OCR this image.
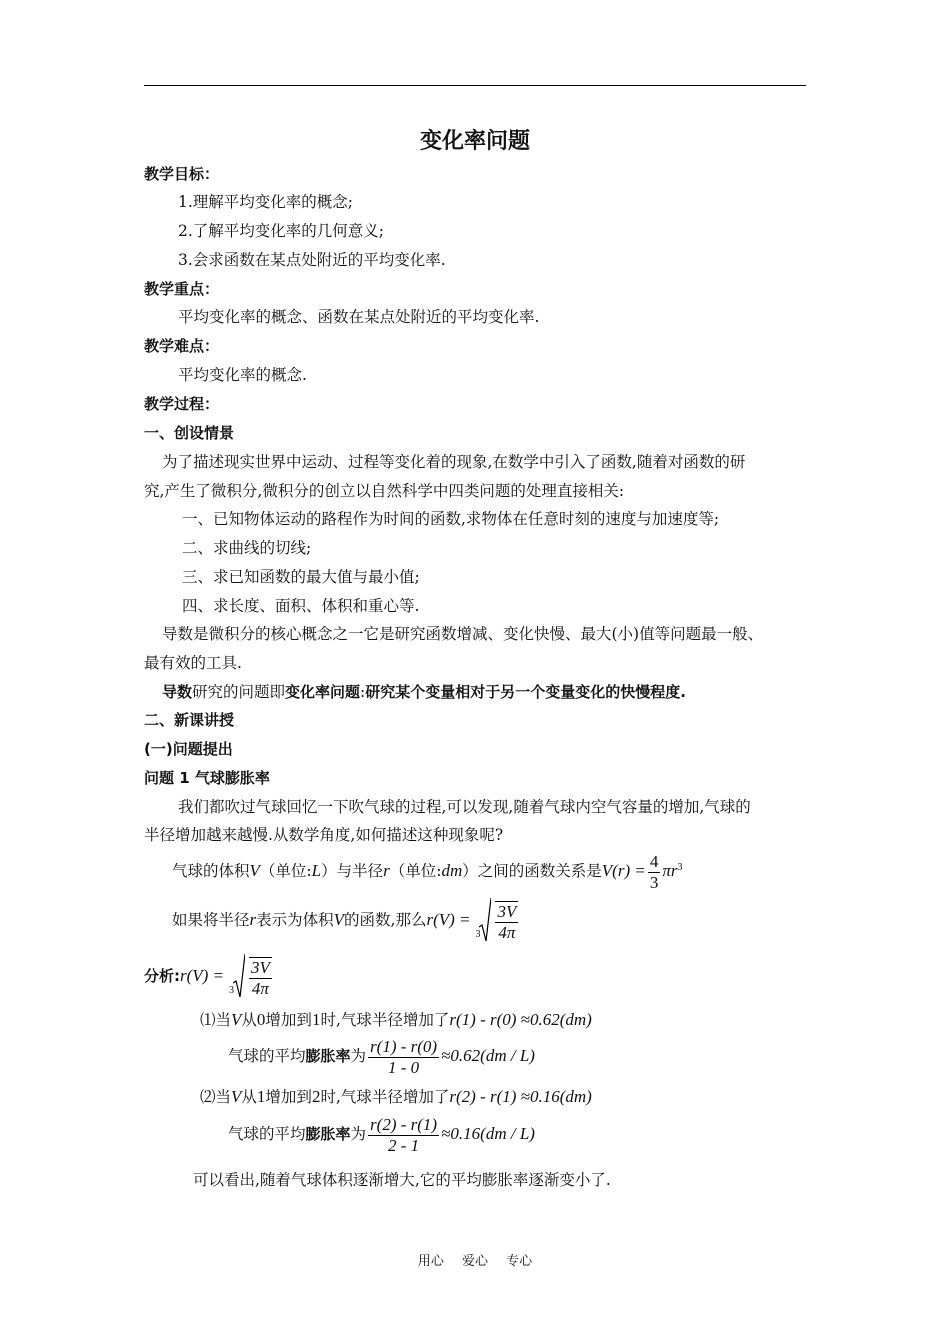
变化率问题
教学目标：
1.理解平均变化率的概念;
2.了解平均变化率的几何意义;
3.会求函数在某点处附近的平均变化率.
教学重点：
平均变化率的概念、函数在某点处附近的平均变化率.
教学难点：
平均变化率的概念.
教学过程：
一、创设情景
为了描述现实世界中运动、过程等变化着的现象,在数学中引入了函数,随着对函数的研
究,产生了微积分,微积分的创立以自然科学中四类问题的处理直接相关:
一、已知物体运动的路程作为时间的函数,求物体在任意时刻的速度与加速度等;
二、求曲线的切线;
三、求已知函数的最大值与最小值;
四、求长度、面积、体积和重心等.
导数是微积分的核心概念之一它是研究函数增减、变化快慢、最大(小)值等问题最一般、
最有效的工具.
导数研究的问题即变化率问题:研究某个变量相对于另一个变量变化的快慢程度.
二、新课讲授
(一)问题提出
问题 1 气球膨胀率
我们都吹过气球回忆一下吹气球的过程,可以发现,随着气球内空气容量的增加,气球的
半径增加越来越慢.从数学角度,如何描述这种现象呢?
气球的体积V（单位:L）与半径r（单位:dm）之间的函数关系是$V(r) = \frac{4}{3} \pi r^3$
如果将半径r表示为体积V的函数,那么r(V) =
$3 \frac{3V}{4\pi}$
分析:r(V) =
$3 \frac{3V}{4\pi}$
⑴当V从0增加到1时,气球半径增加了r(1) - r(0) ≈0.62(dm)
气球的平均膨胀率为 $\frac{r(1) - r(0)}{1 - 0} \approx 0.62(dm / L)$
⑵当V从1增加到2时,气球半径增加了r(2) - r(1) ≈0.16(dm)
气球的平均膨胀率为 $\frac{r(2) - r(1)}{2 - 1} \approx 0.16(dm / L)$
可以看出,随着气球体积逐渐增大,它的平均膨胀率逐渐变小了.
用心 爱心 专心
